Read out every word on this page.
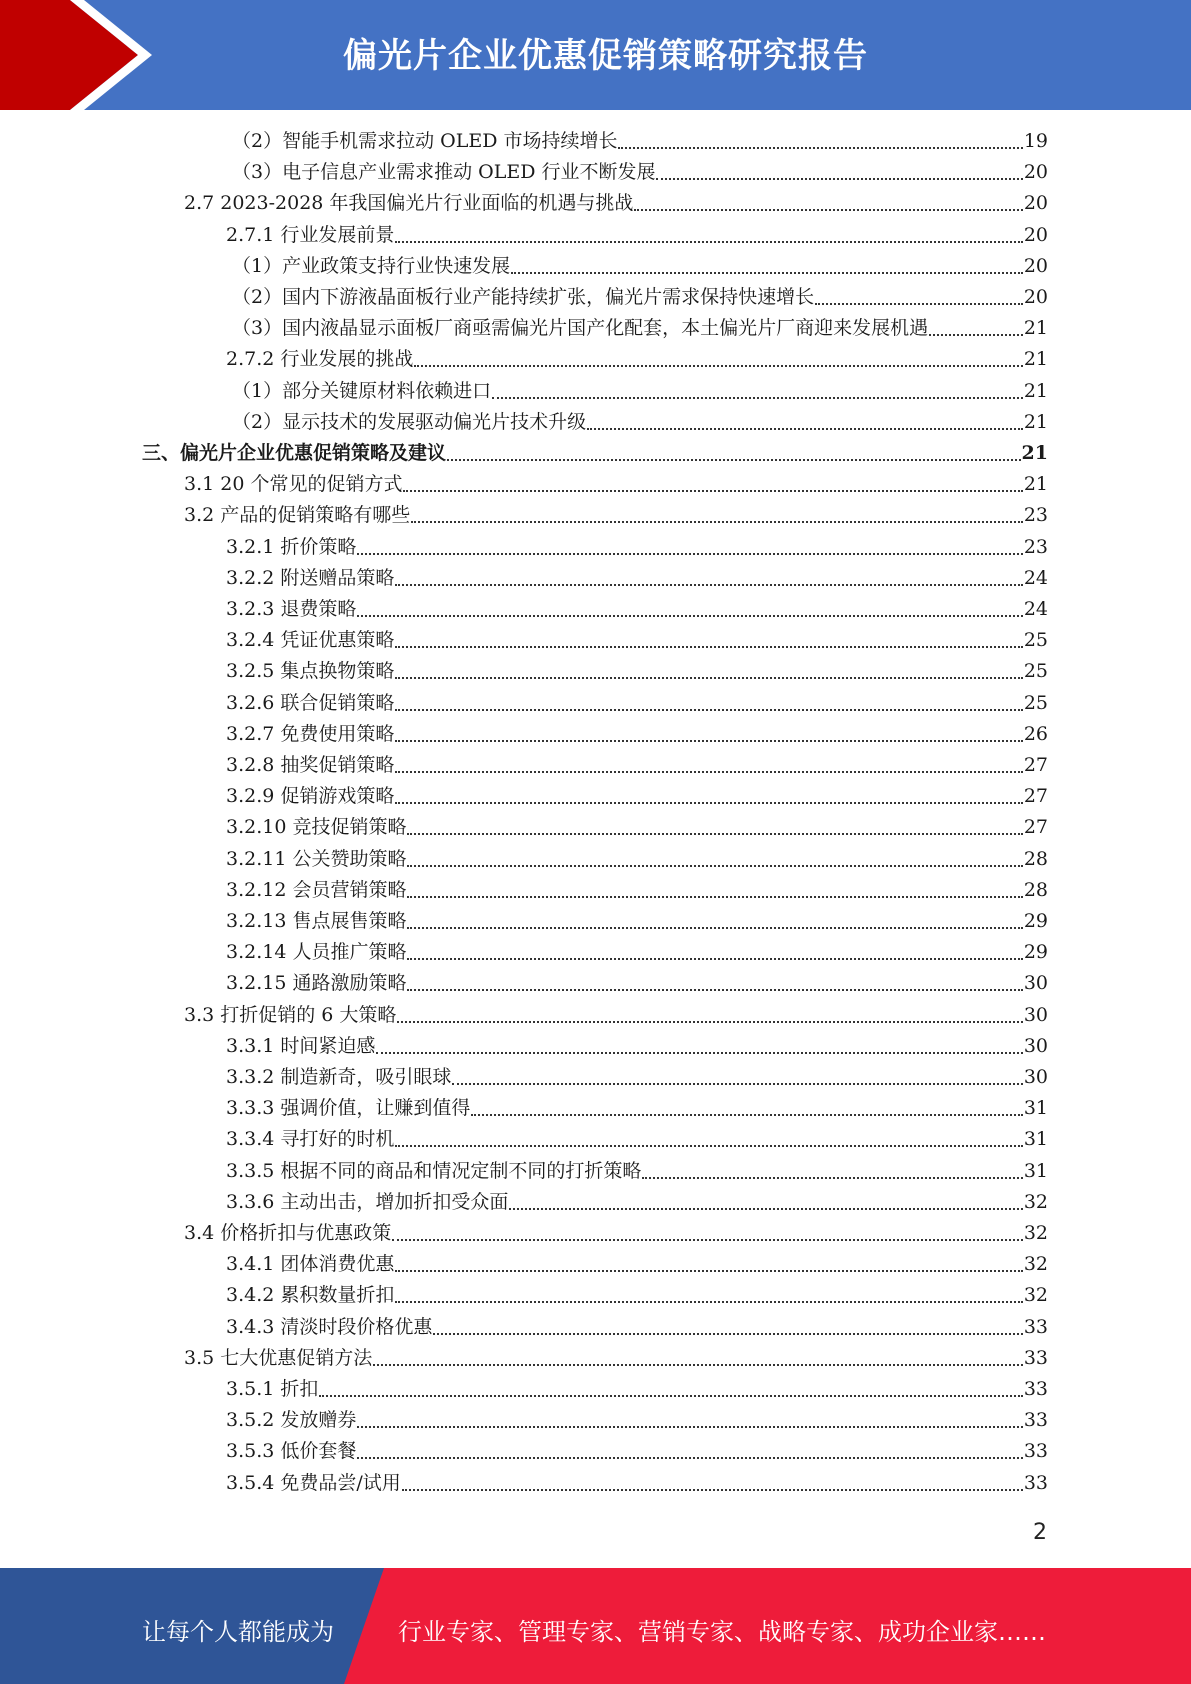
偏光片企业优惠促销策略研究报告
（2）智能手机需求拉动 OLED 市场持续增长	19
（3）电子信息产业需求推动 OLED 行业不断发展	20
2.7 2023-2028 年我国偏光片行业面临的机遇与挑战	20
2.7.1 行业发展前景	20
（1）产业政策支持行业快速发展	20
（2）国内下游液晶面板行业产能持续扩张，偏光片需求保持快速增长	20
（3）国内液晶显示面板厂商亟需偏光片国产化配套，本土偏光片厂商迎来发展机遇	21
2.7.2 行业发展的挑战	21
（1）部分关键原材料依赖进口	21
（2）显示技术的发展驱动偏光片技术升级	21
三、偏光片企业优惠促销策略及建议	21
3.1 20 个常见的促销方式	21
3.2 产品的促销策略有哪些	23
3.2.1 折价策略	23
3.2.2 附送赠品策略	24
3.2.3 退费策略	24
3.2.4 凭证优惠策略	25
3.2.5 集点换物策略	25
3.2.6 联合促销策略	25
3.2.7 免费使用策略	26
3.2.8 抽奖促销策略	27
3.2.9 促销游戏策略	27
3.2.10 竞技促销策略	27
3.2.11 公关赞助策略	28
3.2.12 会员营销策略	28
3.2.13 售点展售策略	29
3.2.14 人员推广策略	29
3.2.15 通路激励策略	30
3.3 打折促销的 6 大策略	30
3.3.1 时间紧迫感	30
3.3.2 制造新奇，吸引眼球	30
3.3.3 强调价值，让赚到值得	31
3.3.4 寻打好的时机	31
3.3.5 根据不同的商品和情况定制不同的打折策略	31
3.3.6 主动出击，增加折扣受众面	32
3.4 价格折扣与优惠政策	32
3.4.1 团体消费优惠	32
3.4.2 累积数量折扣	32
3.4.3 清淡时段价格优惠	33
3.5 七大优惠促销方法	33
3.5.1 折扣	33
3.5.2 发放赠券	33
3.5.3 低价套餐	33
3.5.4 免费品尝/试用	33
2
让每个人都能成为	行业专家、管理专家、营销专家、战略专家、成功企业家……
